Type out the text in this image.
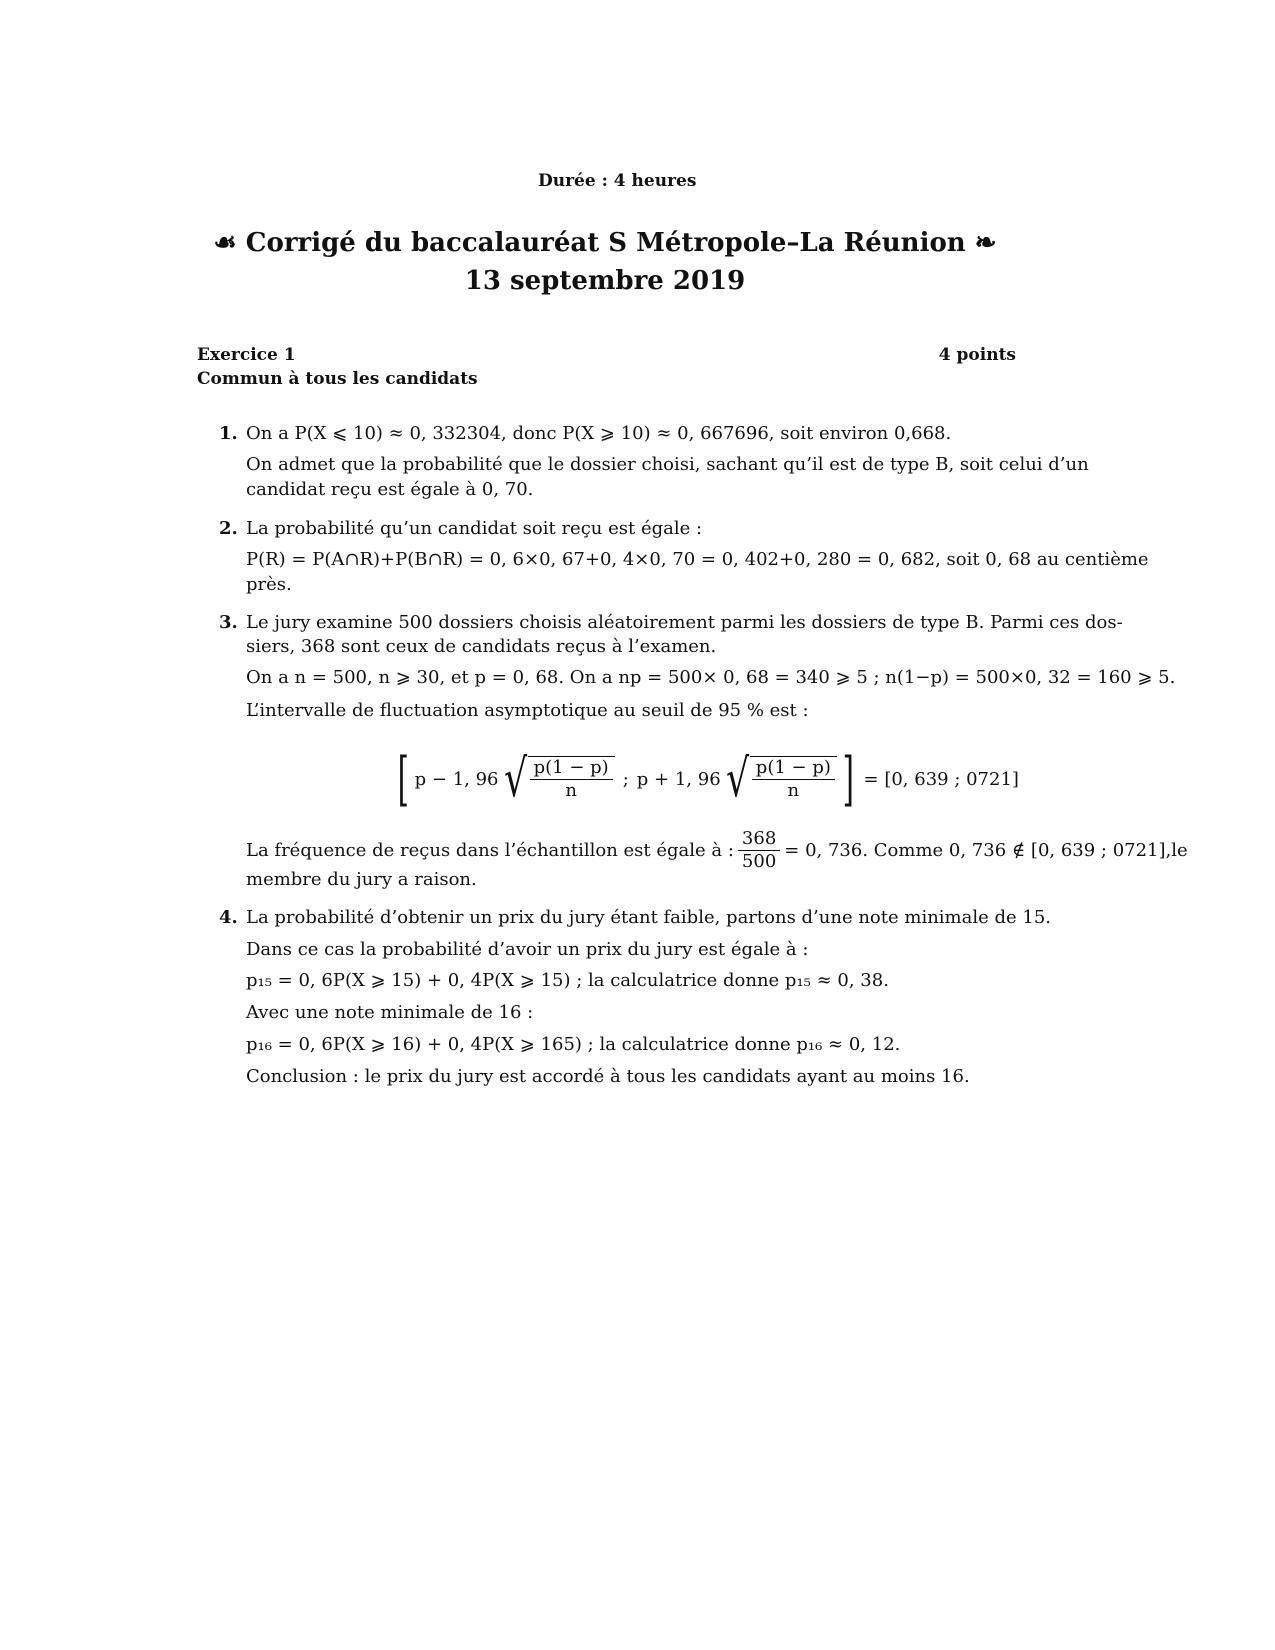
Durée : 4 heures
☙ Corrigé du baccalauréat S Métropole–La Réunion ❧
13 septembre 2019
Exercice 1	4 points
Commun à tous les candidats
1. On a P(X ⩽ 10) ≈ 0, 332304, donc P(X ⩾ 10) ≈ 0, 667696, soit environ 0,668.
On admet que la probabilité que le dossier choisi, sachant qu’il est de type B, soit celui d’un
candidat reçu est égale à 0, 70.
2. La probabilité qu’un candidat soit reçu est égale :
P(R) = P(A∩R)+P(B∩R) = 0, 6×0, 67+0, 4×0, 70 = 0, 402+0, 280 = 0, 682, soit 0, 68 au centième
près.
3. Le jury examine 500 dossiers choisis aléatoirement parmi les dossiers de type B. Parmi ces dos-
siers, 368 sont ceux de candidats reçus à l’examen.
On a n = 500, n ⩾ 30, et p = 0, 68. On a np = 500× 0, 68 = 340 ⩾ 5 ; n(1−p) = 500×0, 32 = 160 ⩾ 5.
L’intervalle de fluctuation asymptotique au seuil de 95 % est :
[ p − 1, 96 √ $\frac{p(1 - p)}{n}$ ; p + 1, 96 √ $\frac{p(1 - p)}{n}$ ] = [0, 639 ; 0721]
La fréquence de reçus dans l’échantillon est égale à : $\frac{368}{500} = 0$, 736. Comme 0, 736 ∉ [0, 639 ; 0721],le
membre du jury a raison.
4. La probabilité d’obtenir un prix du jury étant faible, partons d’une note minimale de 15.
Dans ce cas la probabilité d’avoir un prix du jury est égale à :
p₁₅ = 0, 6P(X ⩾ 15) + 0, 4P(X ⩾ 15) ; la calculatrice donne p₁₅ ≈ 0, 38.
Avec une note minimale de 16 :
p₁₆ = 0, 6P(X ⩾ 16) + 0, 4P(X ⩾ 165) ; la calculatrice donne p₁₆ ≈ 0, 12.
Conclusion : le prix du jury est accordé à tous les candidats ayant au moins 16.
